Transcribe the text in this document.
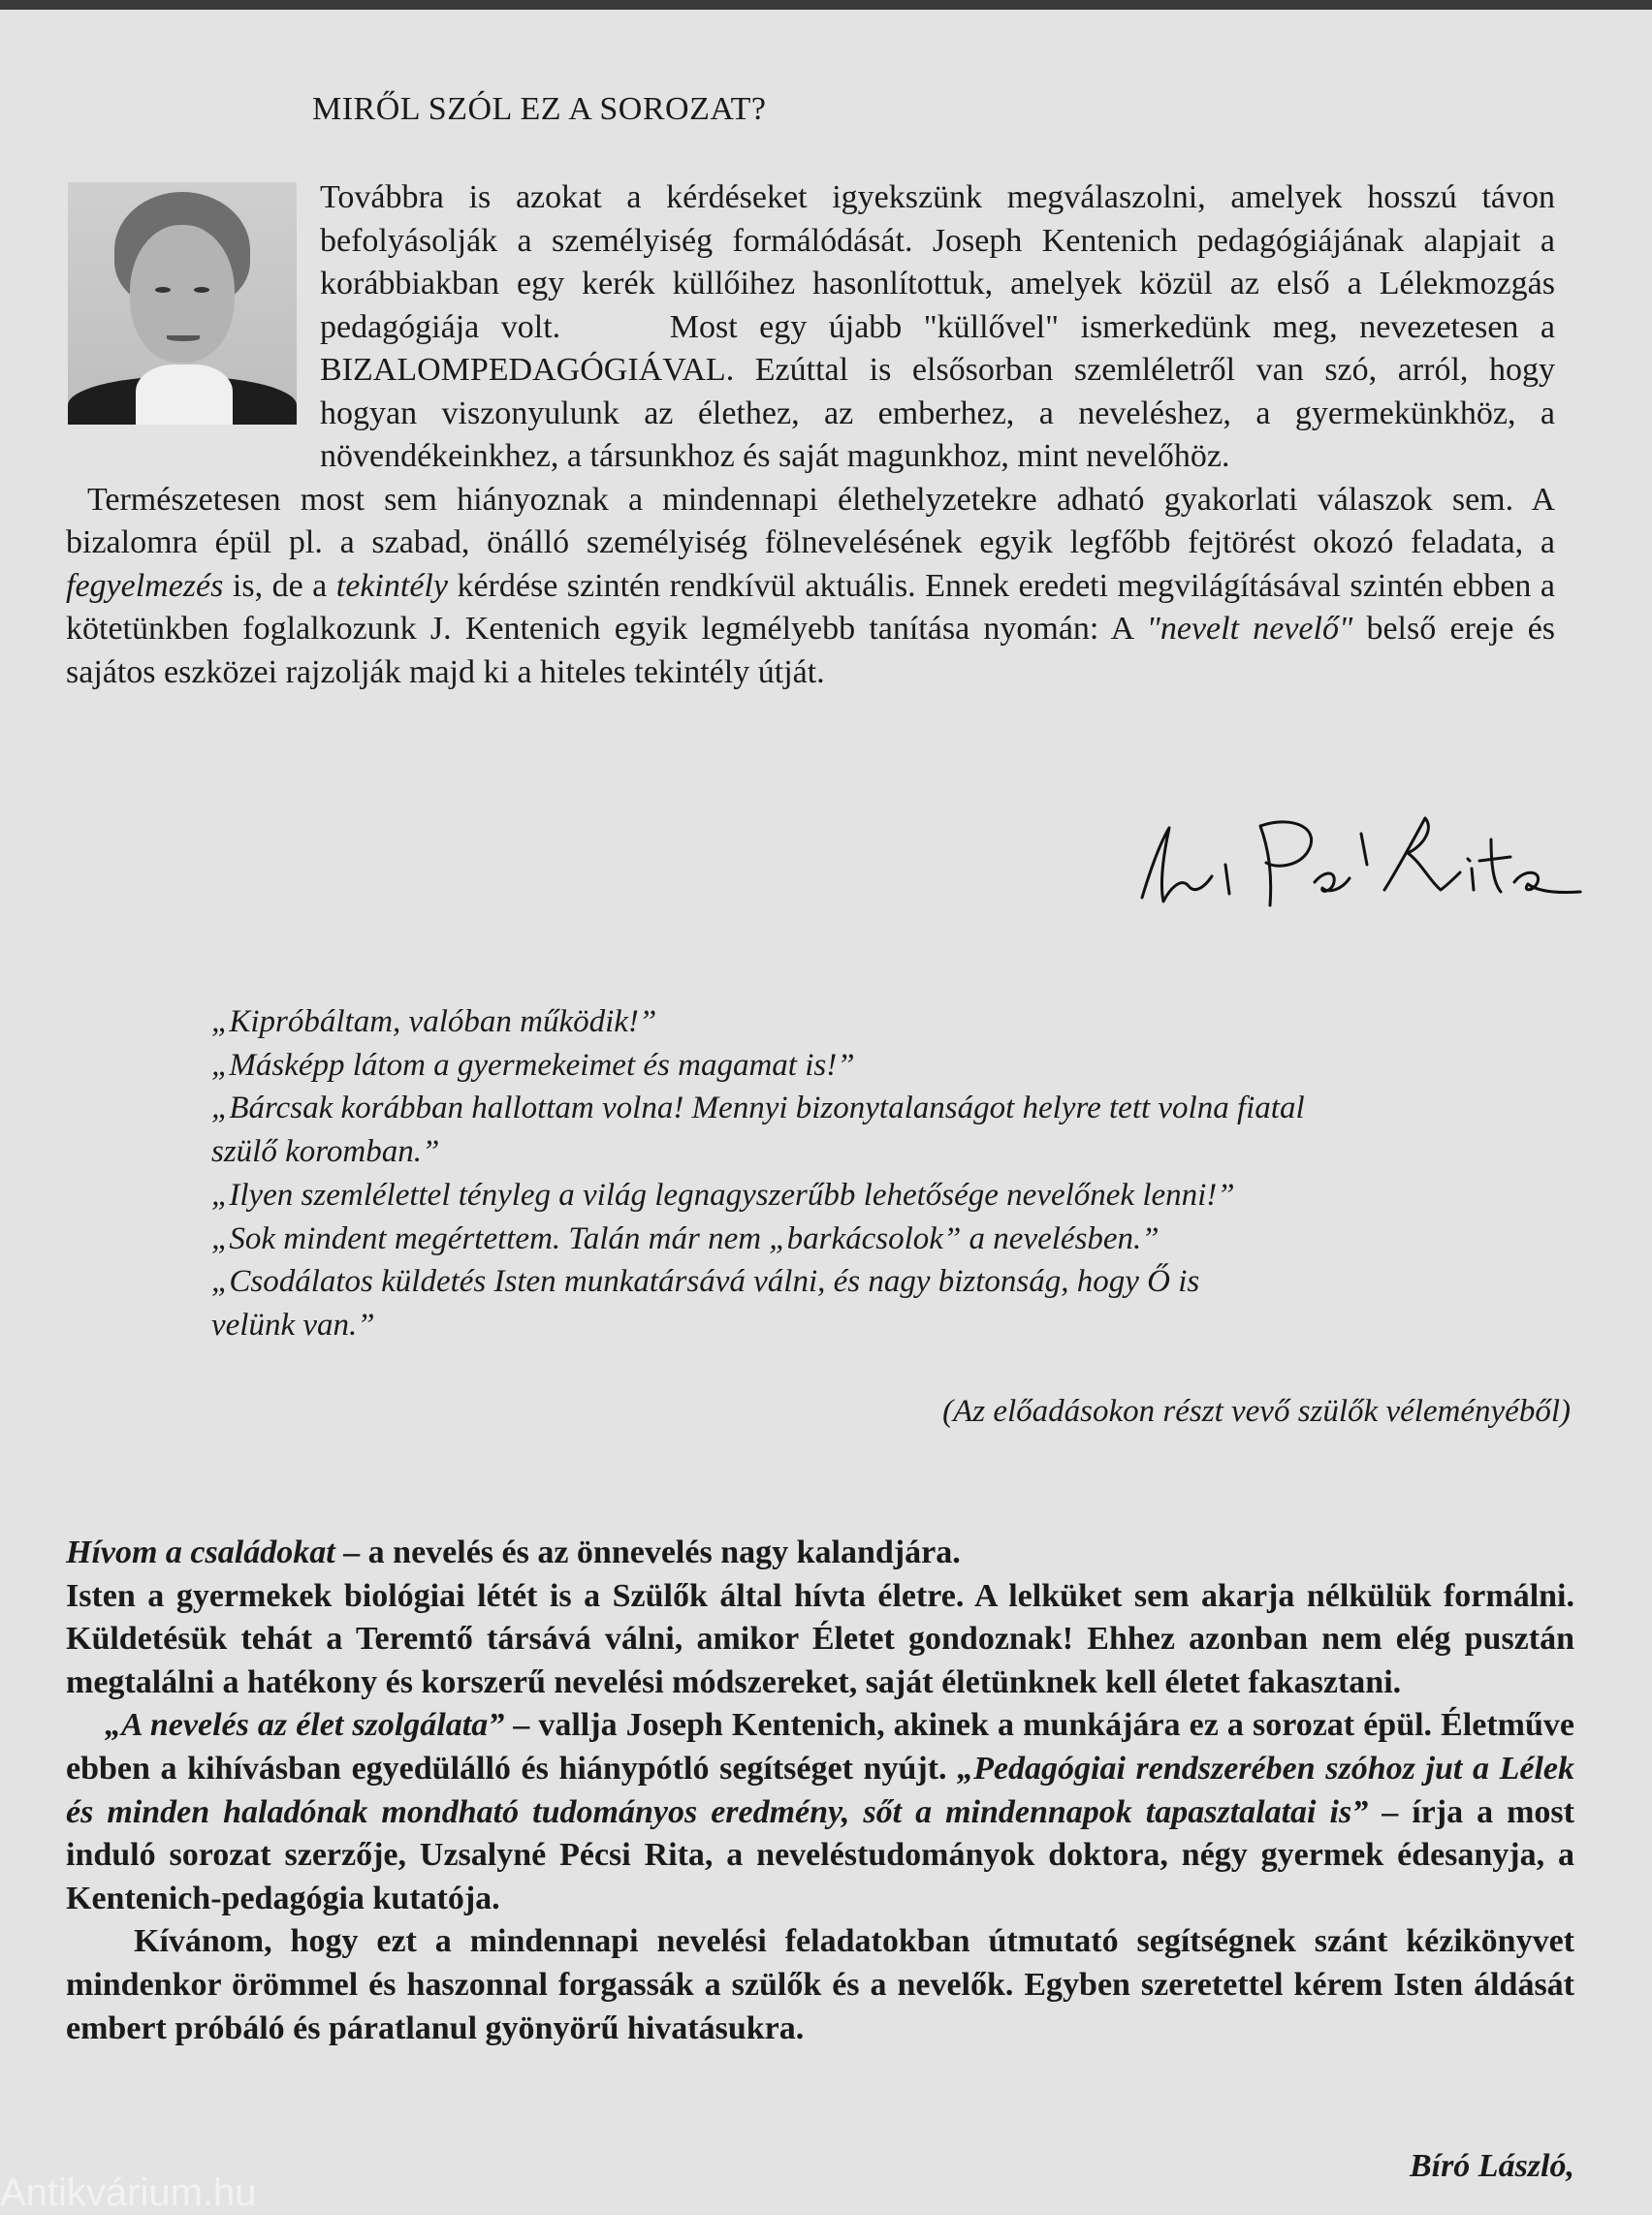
MIRŐL SZÓL EZ A SOROZAT?

Továbbra is azokat a kérdéseket igyekszünk megválaszolni, amelyek hosszú távon befolyásolják a személyiség formálódását. Joseph Kentenich pedagógiájának alapjait a korábbiakban egy kerék küllőihez hasonlítottuk, amelyek közül az első a Lélekmozgás pedagógiája volt.	Most egy újabb "küllővel" ismerkedünk meg, nevezetesen a BIZALOMPEDAGÓGIÁVAL. Ezúttal is elsősorban szemléletről van szó, arról, hogy hogyan viszonyulunk az élethez, az emberhez, a neveléshez, a gyermekünkhöz, a növendékeinkhez, a társunkhoz és saját magunkhoz, mint nevelőhöz.

Természetesen most sem hiányoznak a mindennapi élethelyzetekre adható gyakorlati válaszok sem. A bizalomra épül pl. a szabad, önálló személyiség fölnevelésének egyik legfőbb fejtörést okozó feladata, a fegyelmezés is, de a tekintély kérdése szintén rendkívül aktuális. Ennek eredeti megvilágításával szintén ebben a kötetünkben foglalkozunk J. Kentenich egyik legmélyebb tanítása nyomán: A "nevelt nevelő" belső ereje és sajátos eszközei rajzolják majd ki a hiteles tekintély útját.

„Kipróbáltam, valóban működik!”
„Másképp látom a gyermekeimet és magamat is!”
„Bárcsak korábban hallottam volna! Mennyi bizonytalanságot helyre tett volna fiatal
szülő koromban.”
„Ilyen szemlélettel tényleg a világ legnagyszerűbb lehetősége nevelőnek lenni!”
„Sok mindent megértettem. Talán már nem „barkácsolok” a nevelésben.”
„Csodálatos küldetés Isten munkatársává válni, és nagy biztonság, hogy Ő is
velünk van.”
(Az előadásokon részt vevő szülők véleményéből)

Hívom a családokat – a nevelés és az önnevelés nagy kalandjára.

Isten a gyermekek biológiai létét is a Szülők által hívta életre. A lelküket sem akarja nélkülük formálni. Küldetésük tehát a Teremtő társává válni, amikor Életet gondoznak! Ehhez azonban nem elég pusztán megtalálni a hatékony és korszerű nevelési módszereket, saját életünknek kell életet fakasztani.

„A nevelés az élet szolgálata” – vallja Joseph Kentenich, akinek a munkájára ez a sorozat épül. Életműve ebben a kihívásban egyedülálló és hiánypótló segítséget nyújt. „Pedagógiai rendszerében szóhoz jut a Lélek és minden haladónak mondható tudományos eredmény, sőt a mindennapok tapasztalatai is” – írja a most induló sorozat szerzője, Uzsalyné Pécsi Rita, a neveléstudományok doktora, négy gyermek édesanyja, a Kentenich-pedagógia kutatója.

Kívánom, hogy ezt a mindennapi nevelési feladatokban útmutató segítségnek szánt kézikönyvet mindenkor örömmel és haszonnal forgassák a szülők és a nevelők. Egyben szeretettel kérem Isten áldását embert próbáló és páratlanul gyönyörű hivatásukra.

Bíró László,
Antikvárium.hu
